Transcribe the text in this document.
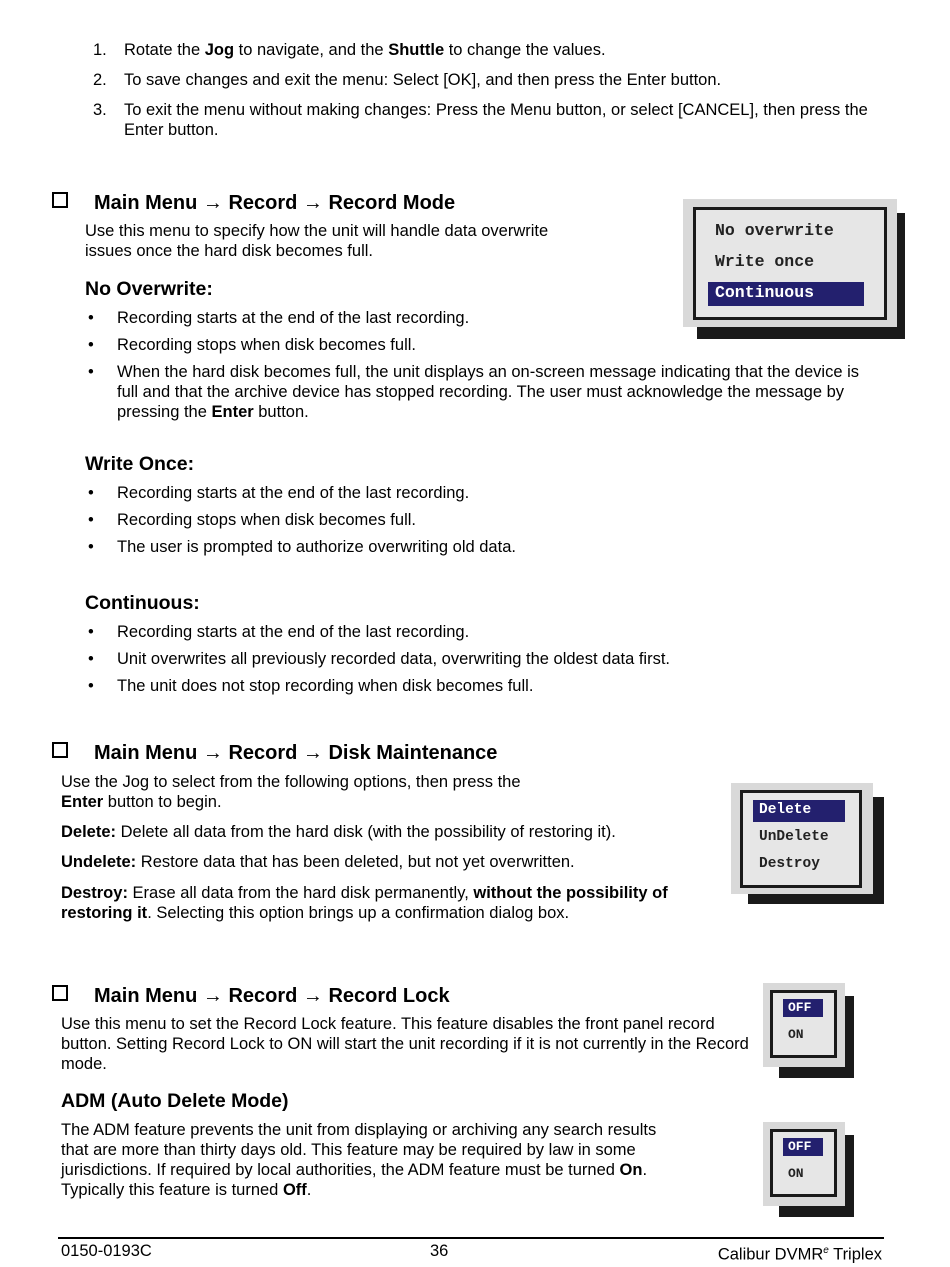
1. Rotate the Jog to navigate, and the Shuttle to change the values.
2. To save changes and exit the menu: Select [OK], and then press the Enter button.
3. To exit the menu without making changes: Press the Menu button, or select [CANCEL], then press the Enter button.
Main Menu → Record → Record Mode

Use this menu to specify how the unit will handle data overwrite issues once the hard disk becomes full.

No overwrite
Write once
Continuous
No Overwrite:
• Recording starts at the end of the last recording.
• Recording stops when disk becomes full.
• When the hard disk becomes full, the unit displays an on-screen message indicating that the device is full and that the archive device has stopped recording. The user must acknowledge the message by pressing the Enter button.
Write Once:
• Recording starts at the end of the last recording.
• Recording stops when disk becomes full.
• The user is prompted to authorize overwriting old data.
Continuous:
• Recording starts at the end of the last recording.
• Unit overwrites all previously recorded data, overwriting the oldest data first.
• The unit does not stop recording when disk becomes full.
Main Menu → Record → Disk Maintenance

Use the Jog to select from the following options, then press the Enter button to begin.

Delete: Delete all data from the hard disk (with the possibility of restoring it).

Undelete: Restore data that has been deleted, but not yet overwritten.

Destroy: Erase all data from the hard disk permanently, without the possibility of restoring it. Selecting this option brings up a confirmation dialog box.

Delete
UnDelete
Destroy
Main Menu → Record → Record Lock

Use this menu to set the Record Lock feature. This feature disables the front panel record button. Setting Record Lock to ON will start the unit recording if it is not currently in the Record mode.

OFF
ON
ADM (Auto Delete Mode)

The ADM feature prevents the unit from displaying or archiving any search results that are more than thirty days old. This feature may be required by law in some jurisdictions. If required by local authorities, the ADM feature must be turned On. Typically this feature is turned Off.

OFF
ON
0150-0193C	36	Calibur DVMR$^e$ Triplex
